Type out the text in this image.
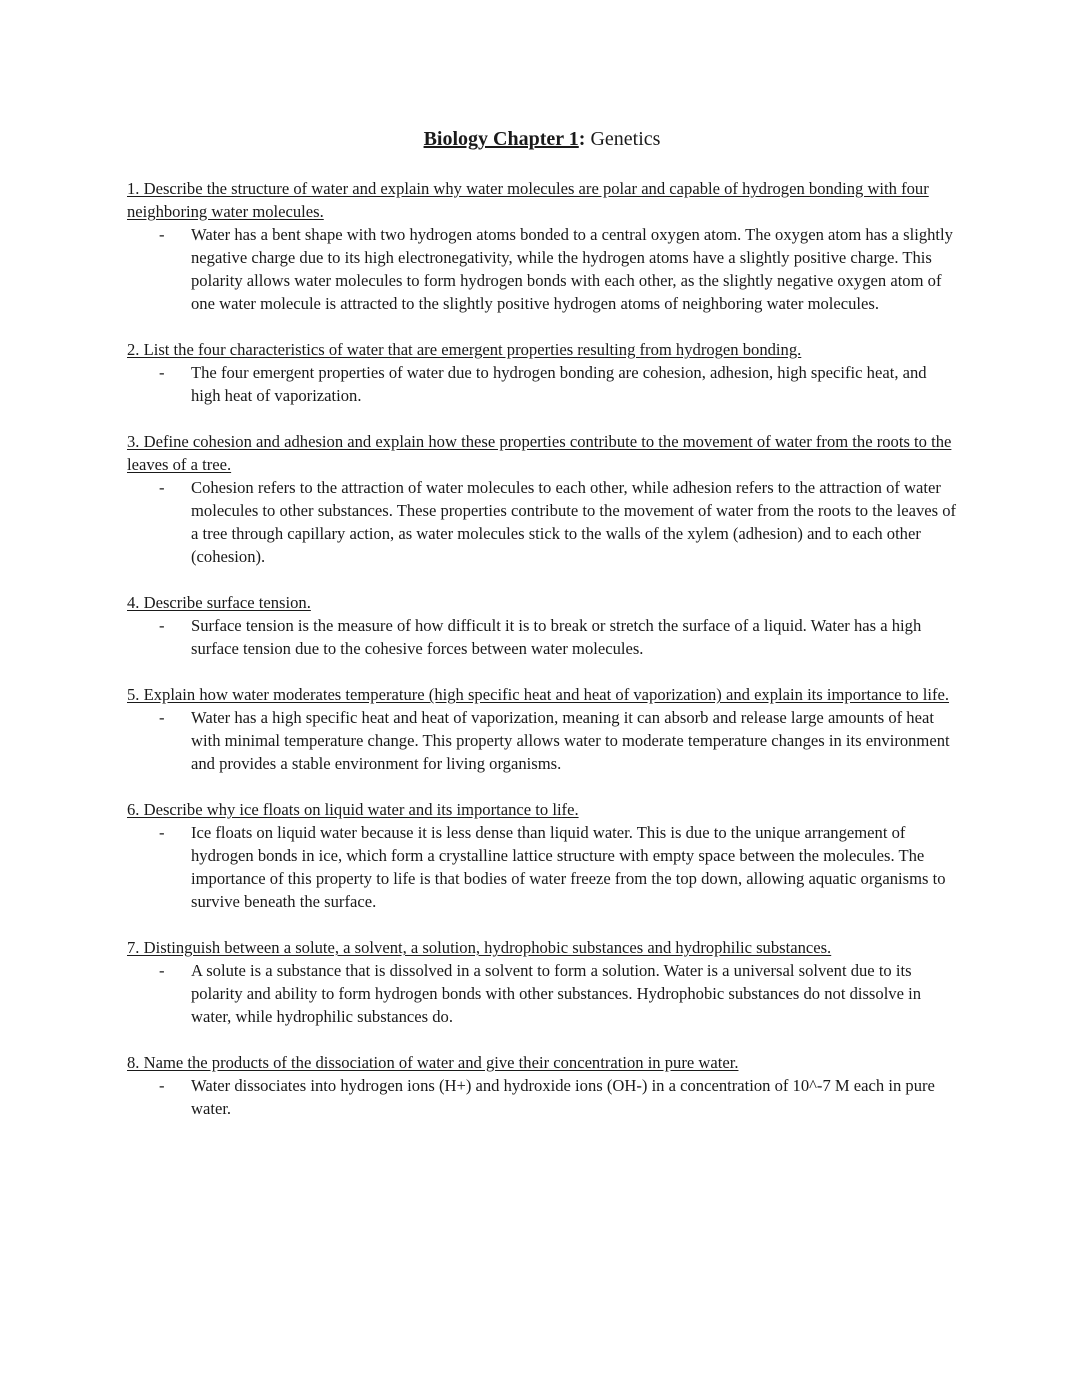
Biology Chapter 1: Genetics

1. Describe the structure of water and explain why water molecules are polar and capable of hydrogen bonding with four neighboring water molecules.

-	Water has a bent shape with two hydrogen atoms bonded to a central oxygen atom. The oxygen atom has a slightly negative charge due to its high electronegativity, while the hydrogen atoms have a slightly positive charge. This polarity allows water molecules to form hydrogen bonds with each other, as the slightly negative oxygen atom of one water molecule is attracted to the slightly positive hydrogen atoms of neighboring water molecules.

2. List the four characteristics of water that are emergent properties resulting from hydrogen bonding.

-	The four emergent properties of water due to hydrogen bonding are cohesion, adhesion, high specific heat, and high heat of vaporization.

3. Define cohesion and adhesion and explain how these properties contribute to the movement of water from the roots to the leaves of a tree.

-	Cohesion refers to the attraction of water molecules to each other, while adhesion refers to the attraction of water molecules to other substances. These properties contribute to the movement of water from the roots to the leaves of a tree through capillary action, as water molecules stick to the walls of the xylem (adhesion) and to each other (cohesion).

4. Describe surface tension.

-	Surface tension is the measure of how difficult it is to break or stretch the surface of a liquid. Water has a high surface tension due to the cohesive forces between water molecules.

5. Explain how water moderates temperature (high specific heat and heat of vaporization) and explain its importance to life.

-	Water has a high specific heat and heat of vaporization, meaning it can absorb and release large amounts of heat with minimal temperature change. This property allows water to moderate temperature changes in its environment and provides a stable environment for living organisms.

6. Describe why ice floats on liquid water and its importance to life.

-	Ice floats on liquid water because it is less dense than liquid water. This is due to the unique arrangement of hydrogen bonds in ice, which form a crystalline lattice structure with empty space between the molecules. The importance of this property to life is that bodies of water freeze from the top down, allowing aquatic organisms to survive beneath the surface.

7. Distinguish between a solute, a solvent, a solution, hydrophobic substances and hydrophilic substances.

-	A solute is a substance that is dissolved in a solvent to form a solution. Water is a universal solvent due to its polarity and ability to form hydrogen bonds with other substances. Hydrophobic substances do not dissolve in water, while hydrophilic substances do.

8. Name the products of the dissociation of water and give their concentration in pure water.

-	Water dissociates into hydrogen ions (H+) and hydroxide ions (OH-) in a concentration of 10^-7 M each in pure water.
